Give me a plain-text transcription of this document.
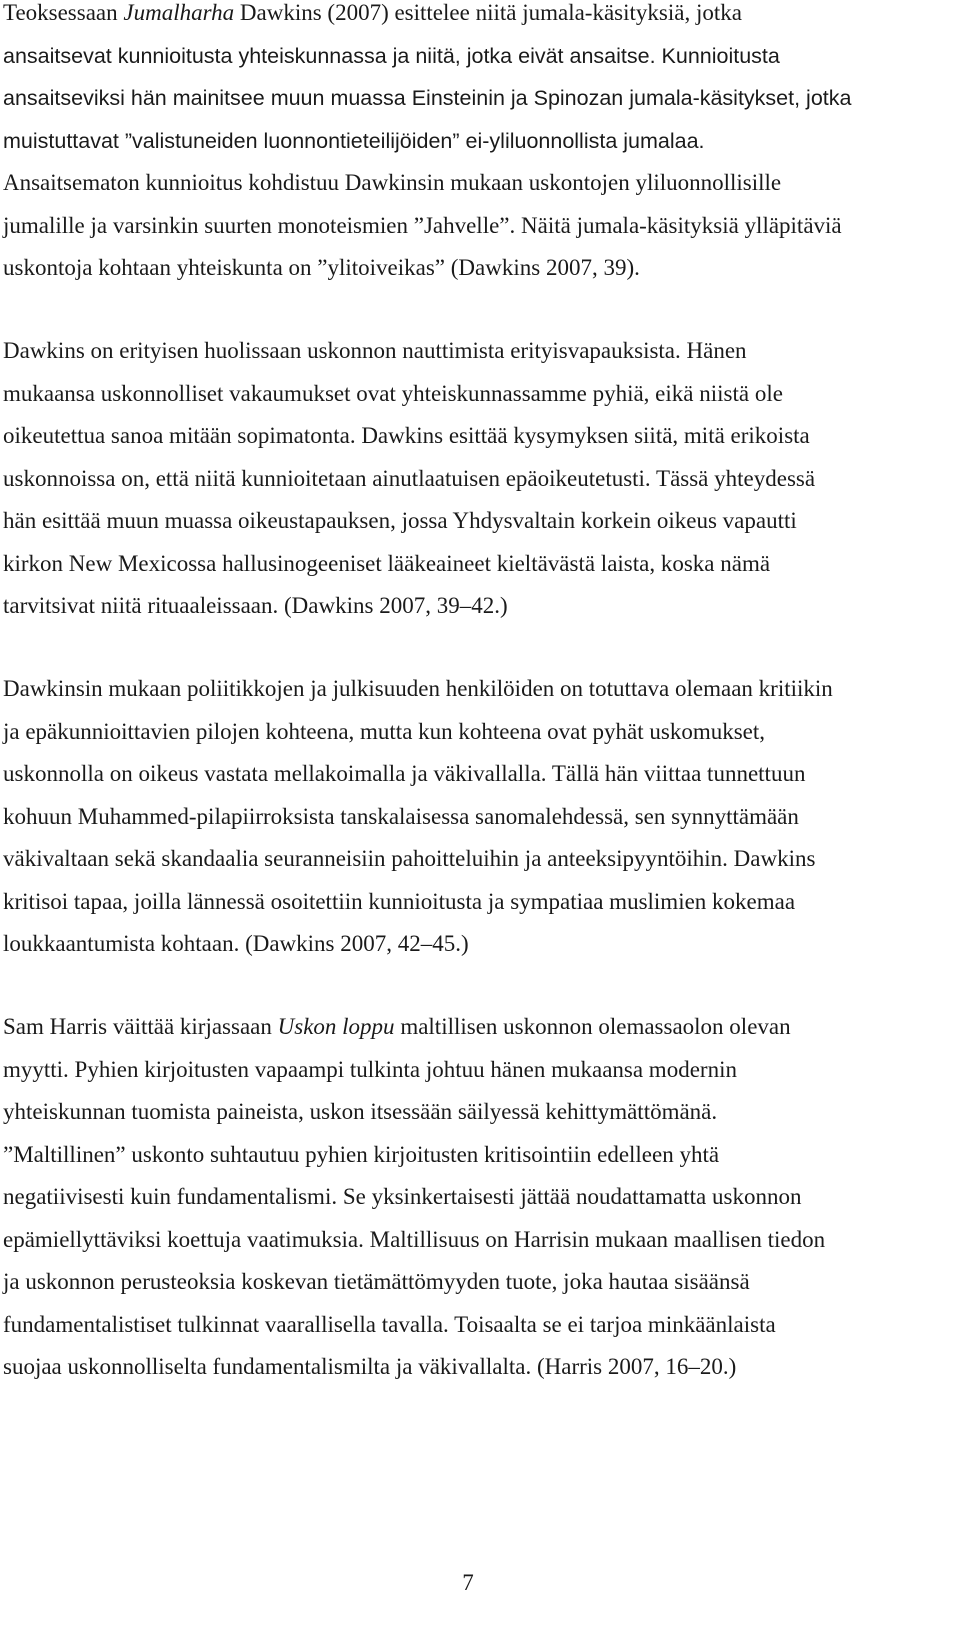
Teoksessaan Jumalharha Dawkins (2007) esittelee niitä jumala-käsityksiä, jotka
ansaitsevat kunnioitusta yhteiskunnassa ja niitä, jotka eivät ansaitse. Kunnioitusta
ansaitseviksi hän mainitsee muun muassa Einsteinin ja Spinozan jumala-käsitykset, jotka
muistuttavat ”valistuneiden luonnontieteilijöiden” ei-yliluonnollista jumalaa.
Ansaitsematon kunnioitus kohdistuu Dawkinsin mukaan uskontojen yliluonnollisille
jumalille ja varsinkin suurten monoteismien ”Jahvelle”. Näitä jumala-käsityksiä ylläpitäviä
uskontoja kohtaan yhteiskunta on ”ylitoiveikas” (Dawkins 2007, 39).

Dawkins on erityisen huolissaan uskonnon nauttimista erityisvapauksista. Hänen
mukaansa uskonnolliset vakaumukset ovat yhteiskunnassamme pyhiä, eikä niistä ole
oikeutettua sanoa mitään sopimatonta. Dawkins esittää kysymyksen siitä, mitä erikoista
uskonnoissa on, että niitä kunnioitetaan ainutlaatuisen epäoikeutetusti. Tässä yhteydessä
hän esittää muun muassa oikeustapauksen, jossa Yhdysvaltain korkein oikeus vapautti
kirkon New Mexicossa hallusinogeeniset lääkeaineet kieltävästä laista, koska nämä
tarvitsivat niitä rituaaleissaan. (Dawkins 2007, 39–42.)

Dawkinsin mukaan poliitikkojen ja julkisuuden henkilöiden on totuttava olemaan kritiikin
ja epäkunnioittavien pilojen kohteena, mutta kun kohteena ovat pyhät uskomukset,
uskonnolla on oikeus vastata mellakoimalla ja väkivallalla. Tällä hän viittaa tunnettuun
kohuun Muhammed-pilapiirroksista tanskalaisessa sanomalehdessä, sen synnyttämään
väkivaltaan sekä skandaalia seuranneisiin pahoitteluihin ja anteeksipyyntöihin. Dawkins
kritisoi tapaa, joilla lännessä osoitettiin kunnioitusta ja sympatiaa muslimien kokemaa
loukkaantumista kohtaan. (Dawkins 2007, 42–45.)

Sam Harris väittää kirjassaan Uskon loppu maltillisen uskonnon olemassaolon olevan
myytti. Pyhien kirjoitusten vapaampi tulkinta johtuu hänen mukaansa modernin
yhteiskunnan tuomista paineista, uskon itsessään säilyessä kehittymättömänä.
”Maltillinen” uskonto suhtautuu pyhien kirjoitusten kritisointiin edelleen yhtä
negatiivisesti kuin fundamentalismi. Se yksinkertaisesti jättää noudattamatta uskonnon
epämiellyttäviksi koettuja vaatimuksia. Maltillisuus on Harrisin mukaan maallisen tiedon
ja uskonnon perusteoksia koskevan tietämättömyyden tuote, joka hautaa sisäänsä
fundamentalistiset tulkinnat vaarallisella tavalla. Toisaalta se ei tarjoa minkäänlaista
suojaa uskonnolliselta fundamentalismilta ja väkivallalta. (Harris 2007, 16–20.)

7
